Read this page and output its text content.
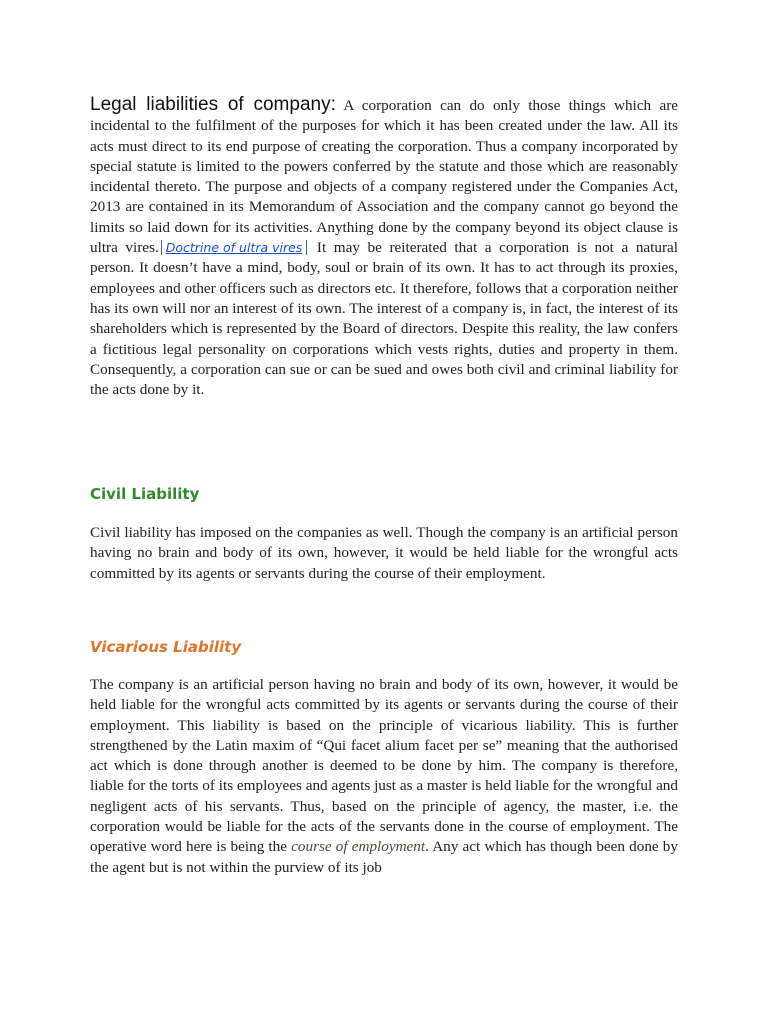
Legal liabilities of company: A corporation can do only those things which are incidental to the fulfilment of the purposes for which it has been created under the law. All its acts must direct to its end purpose of creating the corporation. Thus a company incorporated by special statute is limited to the powers conferred by the statute and those which are reasonably incidental thereto. The purpose and objects of a company registered under the Companies Act, 2013 are contained in its Memorandum of Association and the company cannot go beyond the limits so laid down for its activities. Anything done by the company beyond its object clause is ultra vires. Doctrine of ultra vires It may be reiterated that a corporation is not a natural person. It doesn’t have a mind, body, soul or brain of its own. It has to act through its proxies, employees and other officers such as directors etc. It therefore, follows that a corporation neither has its own will nor an interest of its own. The interest of a company is, in fact, the interest of its shareholders which is represented by the Board of directors. Despite this reality, the law confers a fictitious legal personality on corporations which vests rights, duties and property in them. Consequently, a corporation can sue or can be sued and owes both civil and criminal liability for the acts done by it.

Civil Liability

Civil liability has imposed on the companies as well. Though the company is an artificial person having no brain and body of its own, however, it would be held liable for the wrongful acts committed by its agents or servants during the course of their employment.

Vicarious Liability

The company is an artificial person having no brain and body of its own, however, it would be held liable for the wrongful acts committed by its agents or servants during the course of their employment. This liability is based on the principle of vicarious liability. This is further strengthened by the Latin maxim of “Qui facet alium facet per se” meaning that the authorised act which is done through another is deemed to be done by him. The company is therefore, liable for the torts of its employees and agents just as a master is held liable for the wrongful and negligent acts of his servants. Thus, based on the principle of agency, the master, i.e. the corporation would be liable for the acts of the servants done in the course of employment. The operative word here is being the course of employment. Any act which has though been done by the agent but is not within the purview of its job
